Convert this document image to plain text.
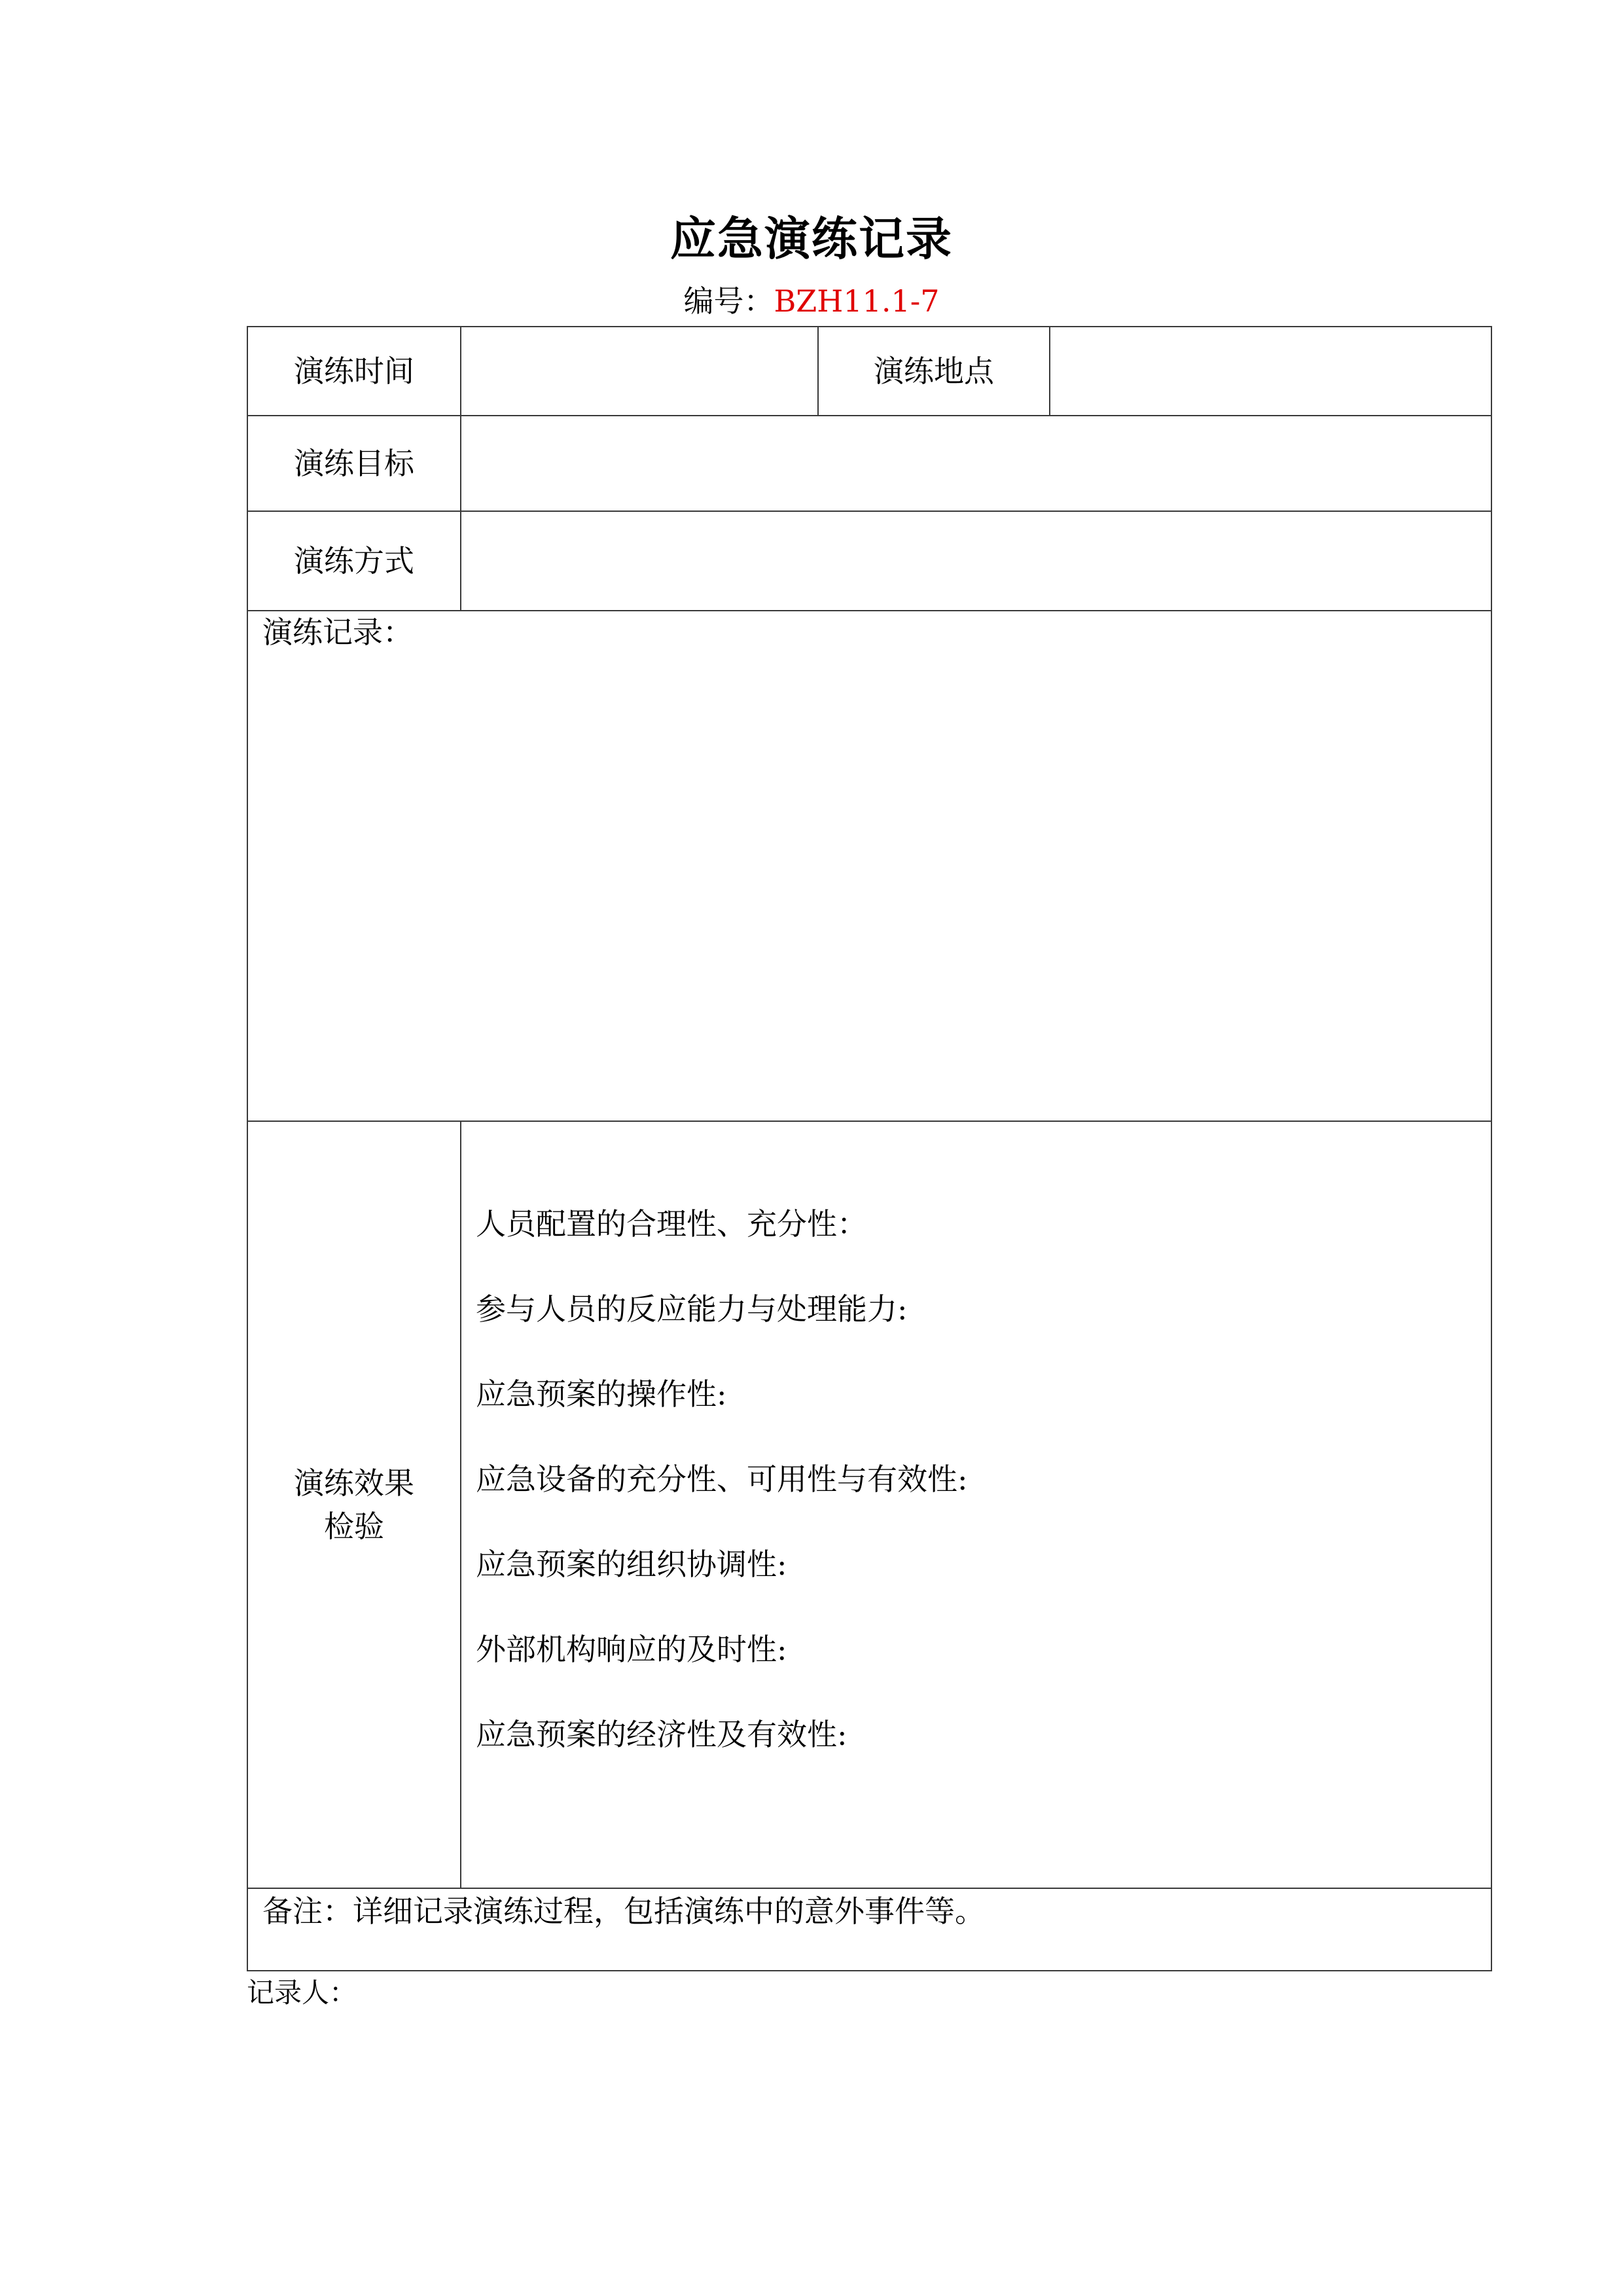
应急演练记录
编号：BZH11.1-7
演练时间	演练地点
演练目标
演练方式
演练记录：
演练效果
检验
人员配置的合理性、充分性：
参与人员的反应能力与处理能力:
应急预案的操作性:
应急设备的充分性、可用性与有效性:
应急预案的组织协调性:
外部机构响应的及时性:
应急预案的经济性及有效性:
备注：详细记录演练过程，包括演练中的意外事件等。
记录人：
